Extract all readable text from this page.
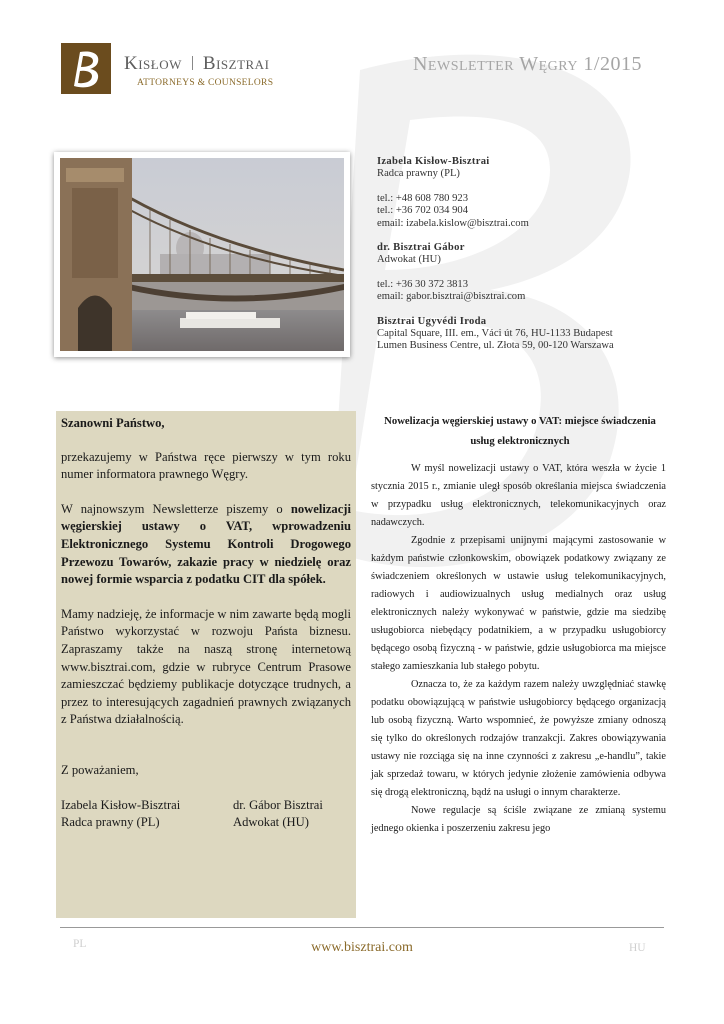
Kisłow Bisztrai
ATTORNEYS & COUNSELORS
Newsletter Węgry 1/2015
Izabela Kisłow-Bisztrai
Radca prawny (PL)
tel.: +48 608 780 923
tel.: +36 702 034 904
email: izabela.kislow@bisztrai.com
dr. Bisztrai Gábor
Adwokat (HU)
tel.: +36 30 372 3813
email: gabor.bisztrai@bisztrai.com
Bisztrai Ugyvédi Iroda
Capital Square, III. em., Váci út 76, HU-1133 Budapest
Lumen Business Centre, ul. Złota 59, 00-120 Warszawa

Szanowni Państwo,

przekazujemy w Państwa ręce pierwszy w tym roku numer informatora prawnego Węgry.

W najnowszym Newsletterze piszemy o nowelizacji węgierskiej ustawy o VAT, wprowadzeniu Elektronicznego Systemu Kontroli Drogowego Przewozu Towarów, zakazie pracy w niedzielę oraz nowej formie wsparcia z podatku CIT dla spółek.

Mamy nadzieję, że informacje w nim zawarte będą mogli Państwo wykorzystać w rozwoju Państa biznesu. Zapraszamy także na naszą stronę internetową www.bisztrai.com, gdzie w rubryce Centrum Prasowe zamieszczać będziemy publikacje dotyczące trudnych, a przez to interesujących zagadnień prawnych związanych z Państwa działalnością.

Z poważaniem,

Izabela Kisłow-Bisztrai	dr. Gábor Bisztrai
Radca prawny (PL)	Adwokat (HU)
Nowelizacja węgierskiej ustawy o VAT: miejsce świadczenia usług elektronicznych

W myśl nowelizacji ustawy o VAT, która weszła w życie 1 stycznia 2015 r., zmianie uległ sposób określania miejsca świadczenia w przypadku usług elektronicznych, telekomunikacyjnych oraz nadawczych.

Zgodnie z przepisami unijnymi mającymi zastosowanie w każdym państwie członkowskim, obowiązek podatkowy związany ze świadczeniem określonych w ustawie usług telekomunikacyjnych, radiowych i audiowizualnych usług medialnych oraz usług elektronicznych należy wykonywać w państwie, gdzie ma siedzibę usługobiorca niebędący podatnikiem, a w przypadku usługobiorcy będącego osobą fizyczną - w państwie, gdzie usługobiorca ma miejsce stałego zamieszkania lub stałego pobytu.

Oznacza to, że za każdym razem należy uwzględniać stawkę podatku obowiązującą w państwie usługobiorcy będącego organizacją lub osobą fizyczną. Warto wspomnieć, że powyższe zmiany odnoszą się tylko do określonych rodzajów tranzakcji. Zakres obowiązywania ustawy nie rozciąga się na inne czynności z zakresu „e-handlu”, takie jak sprzedaż towaru, w których jedynie złożenie zamówienia odbywa się drogą elektroniczną, bądź na usługi o innym charakterze.

Nowe regulacje są ściśle związane ze zmianą systemu jednego okienka i poszerzeniu zakresu jego

PL	www.bisztrai.com	HU
